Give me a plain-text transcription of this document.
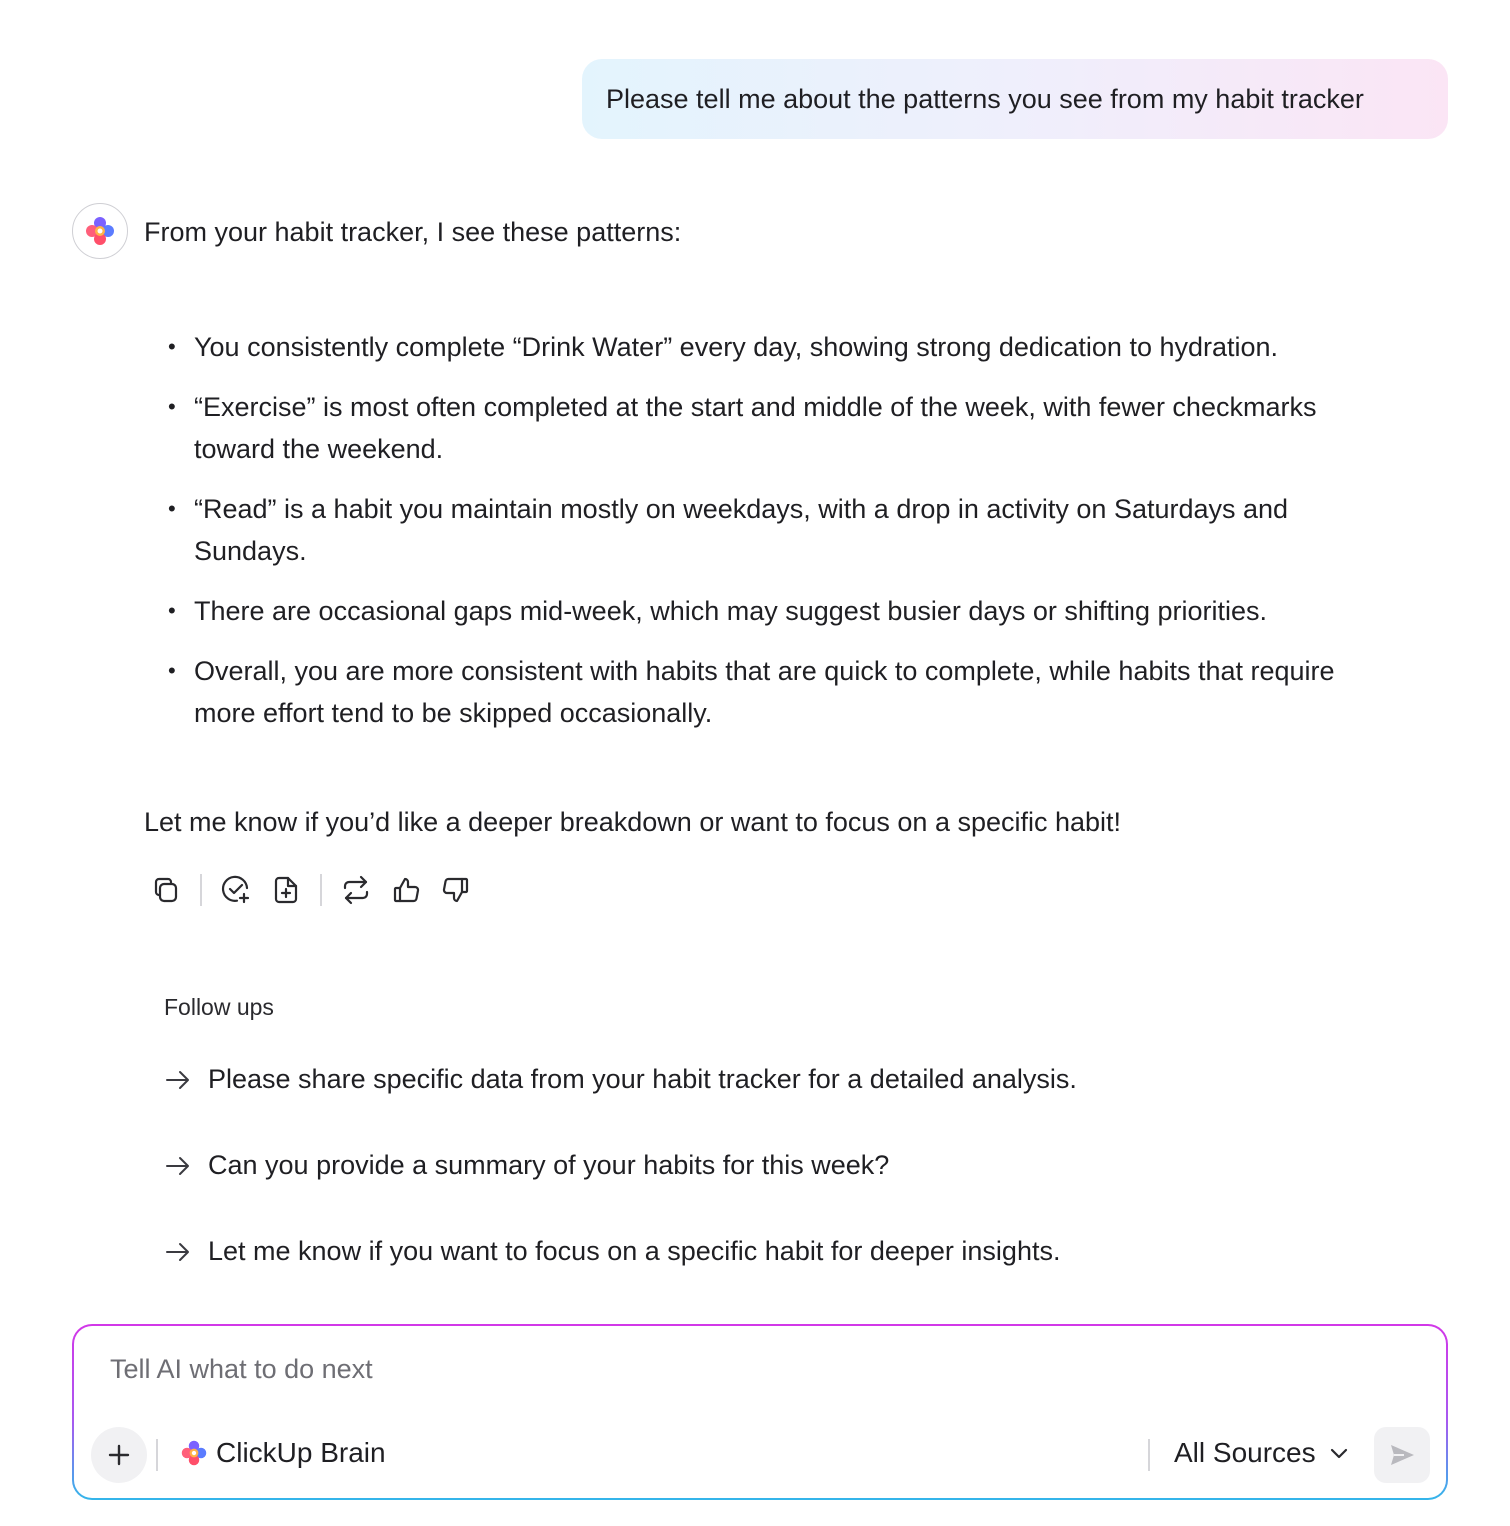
Please tell me about the patterns you see from my habit tracker
From your habit tracker, I see these patterns:
• You consistently complete “Drink Water” every day, showing strong dedication to hydration.
• “Exercise” is most often completed at the start and middle of the week, with fewer checkmarks toward the weekend.
• “Read” is a habit you maintain mostly on weekdays, with a drop in activity on Saturdays and Sundays.
• There are occasional gaps mid-week, which may suggest busier days or shifting priorities.
• Overall, you are more consistent with habits that are quick to complete, while habits that require more effort tend to be skipped occasionally.
Let me know if you’d like a deeper breakdown or want to focus on a specific habit!
Follow ups
Please share specific data from your habit tracker for a detailed analysis.
Can you provide a summary of your habits for this week?
Let me know if you want to focus on a specific habit for deeper insights.
Tell AI what to do next
ClickUp Brain	All Sources
